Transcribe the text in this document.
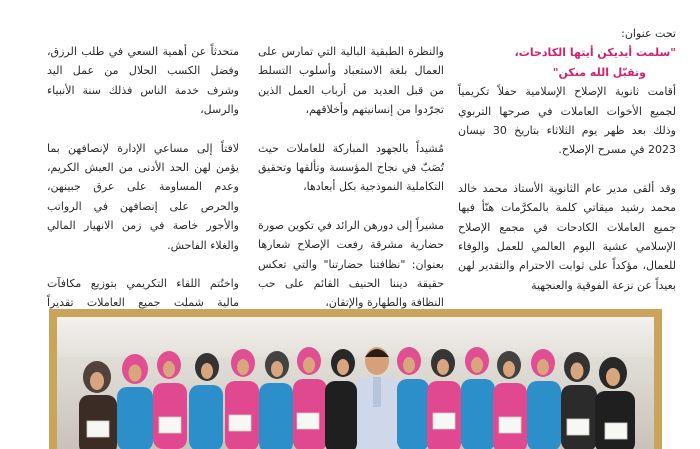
تحت عنوان:

"سلمت أيديكن أيتها الكادحات،

وتقبّل الله منكن"

أقامت ثانوية الإصلاح الإسلامية حفلاً تكريمياً لجميع الأخوات العاملات في صرحها التربوي وذلك بعد ظهر يوم الثلاثاء بتاريخ 30 نيسان 2023 في مسرح الإصلاح.

وقد ألقى مدير عام الثانوية الأستاذ محمد خالد محمد رشيد ميقاتي كلمة بالمكرَّمات هنّأ فيها جميع العاملات الكادحات في مجمع الإصلاح الإسلامي عشية اليوم العالمي للعمل والوفاء للعمال، مؤكداً على ثوابت الاحترام والتقدير لهن بعيداً عن نزعة الفوقية والعنجهية

والنظرة الطبقية البالية التي تمارس على العمال بلغة الاستعباد وأسلوب التسلط من قبل العديد من أرباب العمل الذين تجرّدوا من إنسانيتهم وأخلاقهم،

مُشيداً بالجهود المباركة للعاملات حيث تُصَبّ في نجاح المؤسسة وتألقها وتحقيق التكاملية النموذجية بكل أبعادها،

مشيراً إلى دورهن الرائد في تكوين صورة حضارية مشرقة رفعت الإصلاح شعارها بعنوان: "نظافتنا حضارتنا" والتي تعكس حقيقة ديننا الحنيف القائم على حب النظافة والطهارة والإتقان،

متحدثاً عن أهمية السعي في طلب الرزق، وفضل الكسب الحلال من عمل اليد وشرف خدمة الناس فذلك سنة الأنبياء والرسل،

لافتاً إلى مساعي الإدارة لإنصافهن بما يؤمن لهن الحد الأدنى من العيش الكريم، وعدم المساومة على عرق جبينهن، والحرص على إنصافهن في الرواتب والأجور خاصة في زمن الانهيار المالي والغلاء الفاحش.

واختُتم اللقاء التكريمي بتوزيع مكافآت مالية شملت جميع العاملات تقديراً
